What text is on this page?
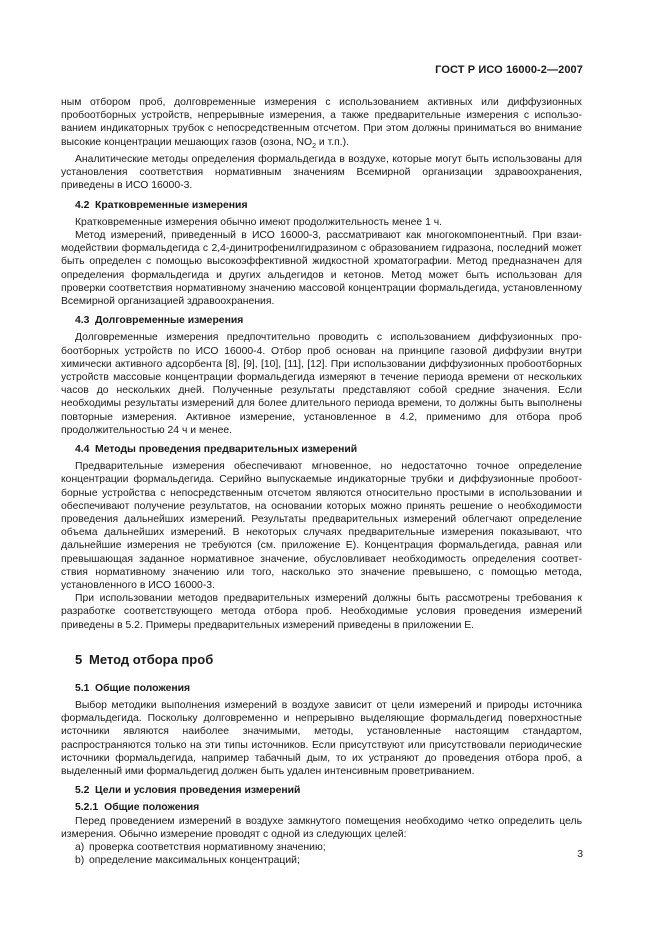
ГОСТ Р ИСО 16000-2—2007

ным отбором проб, долговременные измерения с использованием активных или диффузионных пробоотборных устройств, непрерывные измерения, а также предварительные измерения с использованием индикаторных трубок с непосредственным отсчетом. При этом должны приниматься во внимание высокие концентрации мешающих газов (озона, $NO_2$ и т.п.).

Аналитические методы определения формальдегида в воздухе, которые могут быть использованы для установления соответствия нормативным значениям Всемирной организации здравоохранения, приведены в ИСО 16000-3.

4.2 Кратковременные измерения

Кратковременные измерения обычно имеют продолжительность менее 1 ч.

Метод измерений, приведенный в ИСО 16000-3, рассматривают как многокомпонентный. При взаимодействии формальдегида с 2,4-динитрофенилгидразином с образованием гидразона, последний может быть определен с помощью высокоэффективной жидкостной хроматографии. Метод предназначен для определения формальдегида и других альдегидов и кетонов. Метод может быть использован для проверки соответствия нормативному значению массовой концентрации формальдегида, установленному Всемирной организацией здравоохранения.

4.3 Долговременные измерения

Долговременные измерения предпочтительно проводить с использованием диффузионных пробоотборных устройств по ИСО 16000-4. Отбор проб основан на принципе газовой диффузии внутри химически активного адсорбента [8], [9], [10], [11], [12]. При использовании диффузионных пробоотборных устройств массовые концентрации формальдегида измеряют в течение периода времени от нескольких часов до нескольких дней. Полученные результаты представляют собой средние значения. Если необходимы результаты измерений для более длительного периода времени, то должны быть выполнены повторные измерения. Активное измерение, установленное в 4.2, применимо для отбора проб продолжительностью 24 ч и менее.

4.4 Методы проведения предварительных измерений

Предварительные измерения обеспечивают мгновенное, но недостаточно точное определение концентрации формальдегида. Серийно выпускаемые индикаторные трубки и диффузионные пробоотборные устройства с непосредственным отсчетом являются относительно простыми в использовании и обеспечивают получение результатов, на основании которых можно принять решение о необходимости проведения дальнейших измерений. Результаты предварительных измерений облегчают определение объема дальнейших измерений. В некоторых случаях предварительные измерения показывают, что дальнейшие измерения не требуются (см. приложение Е). Концентрация формальдегида, равная или превышающая заданное нормативное значение, обусловливает необходимость определения соответствия нормативному значению или того, насколько это значение превышено, с помощью метода, установленного в ИСО 16000-3.

При использовании методов предварительных измерений должны быть рассмотрены требования к разработке соответствующего метода отбора проб. Необходимые условия проведения измерений приведены в 5.2. Примеры предварительных измерений приведены в приложении Е.

5 Метод отбора проб
5.1 Общие положения

Выбор методики выполнения измерений в воздухе зависит от цели измерений и природы источника формальдегида. Поскольку долговременно и непрерывно выделяющие формальдегид поверхностные источники являются наиболее значимыми, методы, установленные настоящим стандартом, распространяются только на эти типы источников. Если присутствуют или присутствовали периодические источники формальдегида, например табачный дым, то их устраняют до проведения отбора проб, а выделенный ими формальдегид должен быть удален интенсивным проветриванием.

5.2 Цели и условия проведения измерений
5.2.1 Общие положения

Перед проведением измерений в воздухе замкнутого помещения необходимо четко определить цель измерения. Обычно измерение проводят с одной из следующих целей:

a) проверка соответствия нормативному значению;
b) определение максимальных концентраций;
3
